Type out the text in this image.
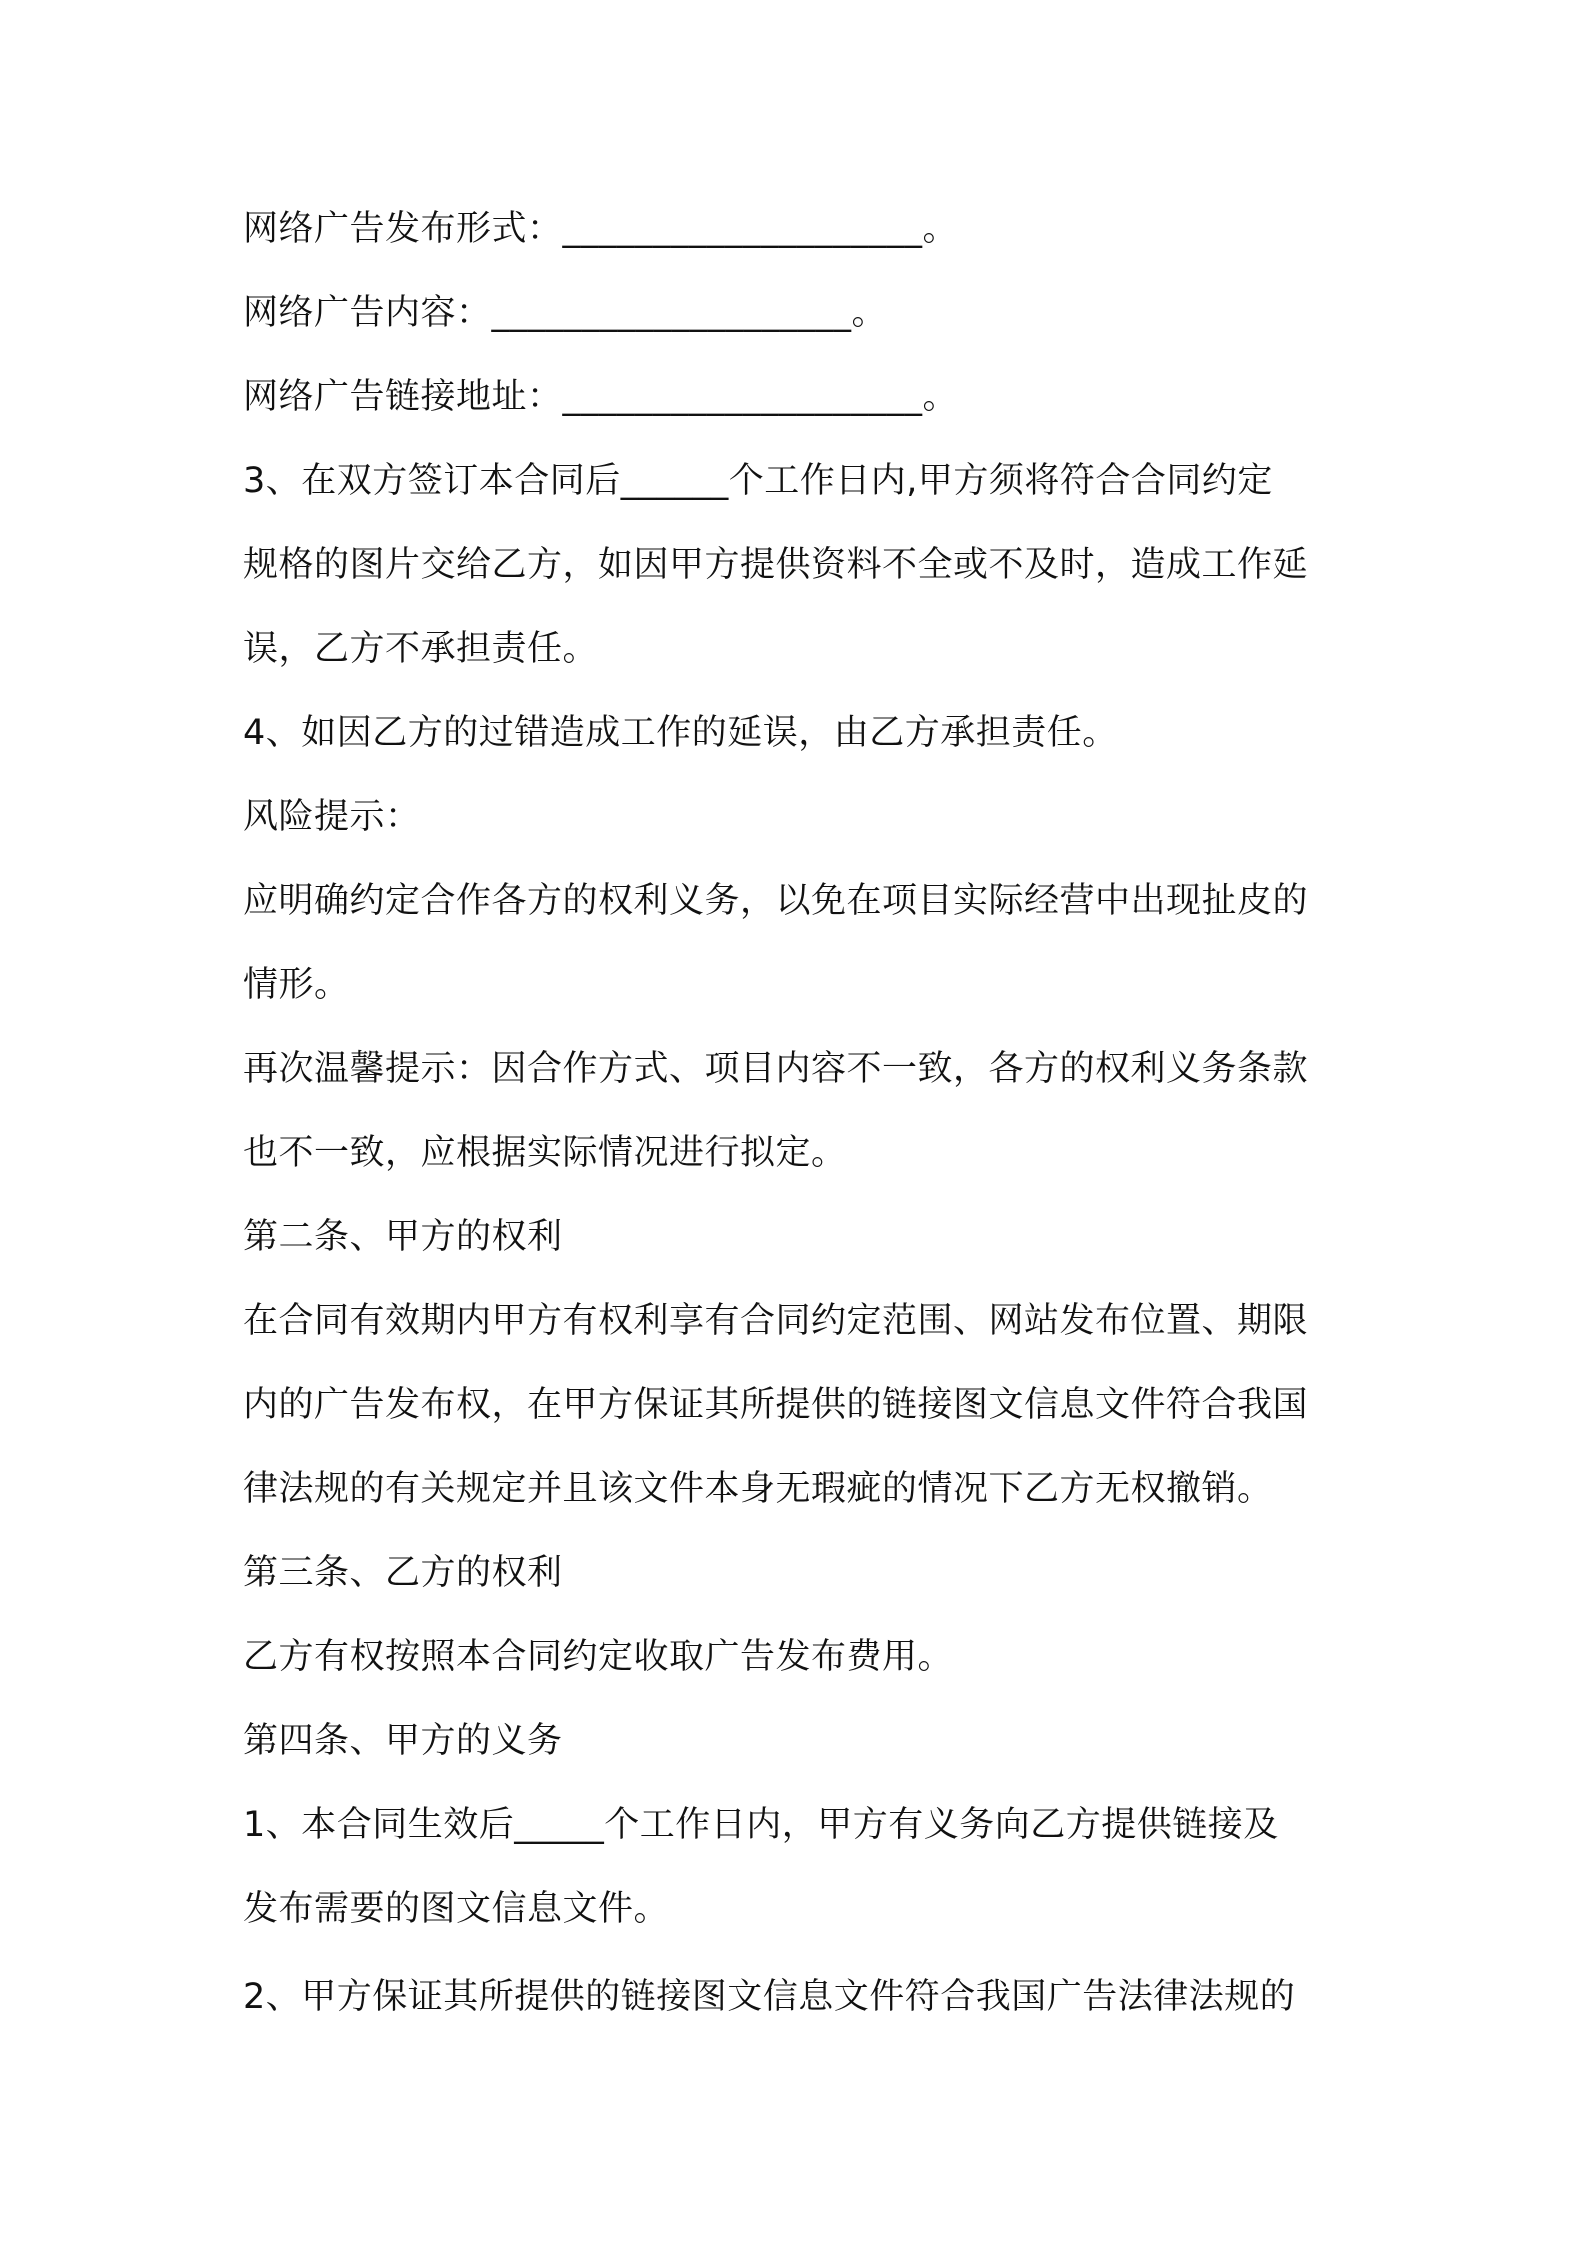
网络广告发布形式：____________________。
网络广告内容：____________________。
网络广告链接地址：____________________。
3、在双方签订本合同后______个工作日内,甲方须将符合合同约定
规格的图片交给乙方，如因甲方提供资料不全或不及时，造成工作延
误，乙方不承担责任。
4、如因乙方的过错造成工作的延误，由乙方承担责任。
风险提示：
应明确约定合作各方的权利义务，以免在项目实际经营中出现扯皮的
情形。
再次温馨提示：因合作方式、项目内容不一致，各方的权利义务条款
也不一致，应根据实际情况进行拟定。
第二条、甲方的权利
在合同有效期内甲方有权利享有合同约定范围、网站发布位置、期限
内的广告发布权，在甲方保证其所提供的链接图文信息文件符合我国
律法规的有关规定并且该文件本身无瑕疵的情况下乙方无权撤销。
第三条、乙方的权利
乙方有权按照本合同约定收取广告发布费用。
第四条、甲方的义务
1、本合同生效后_____个工作日内，甲方有义务向乙方提供链接及
发布需要的图文信息文件。
2、甲方保证其所提供的链接图文信息文件符合我国广告法律法规的
